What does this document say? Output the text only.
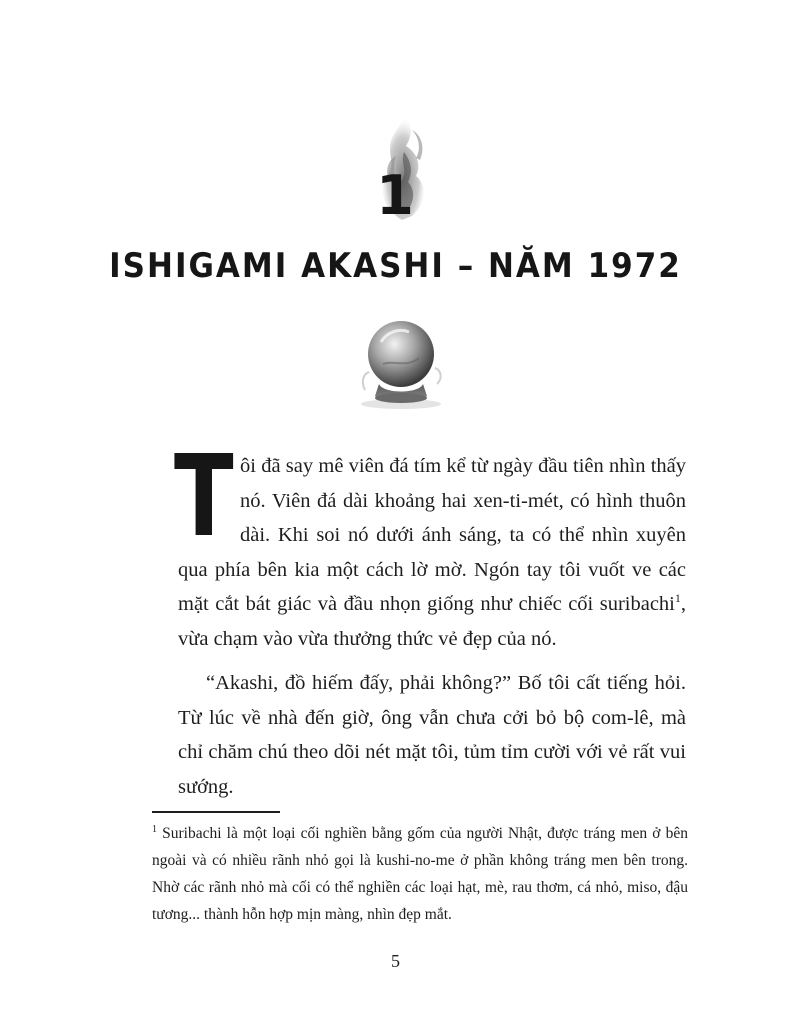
1
ISHIGAMI AKASHI – NĂM 1972

T ôi đã say mê viên đá tím kể từ ngày đầu tiên nhìn thấy nó. Viên đá dài khoảng hai xen-ti-mét, có hình thuôn dài. Khi soi nó dưới ánh sáng, ta có thể nhìn xuyên qua phía bên kia một cách lờ mờ. Ngón tay tôi vuốt ve các mặt cắt bát giác và đầu nhọn giống như chiếc cối suribachi$^1$, vừa chạm vào vừa thưởng thức vẻ đẹp của nó.

“Akashi, đồ hiếm đấy, phải không?” Bố tôi cất tiếng hỏi. Từ lúc về nhà đến giờ, ông vẫn chưa cởi bỏ bộ com-lê, mà chỉ chăm chú theo dõi nét mặt tôi, tủm tỉm cười với vẻ rất vui sướng.

$^1$ Suribachi là một loại cối nghiền bằng gốm của người Nhật, được tráng men ở bên ngoài và có nhiều rãnh nhỏ gọi là kushi-no-me ở phần không tráng men bên trong. Nhờ các rãnh nhỏ mà cối có thể nghiền các loại hạt, mè, rau thơm, cá nhỏ, miso, đậu tương... thành hỗn hợp mịn màng, nhìn đẹp mắt.
5
